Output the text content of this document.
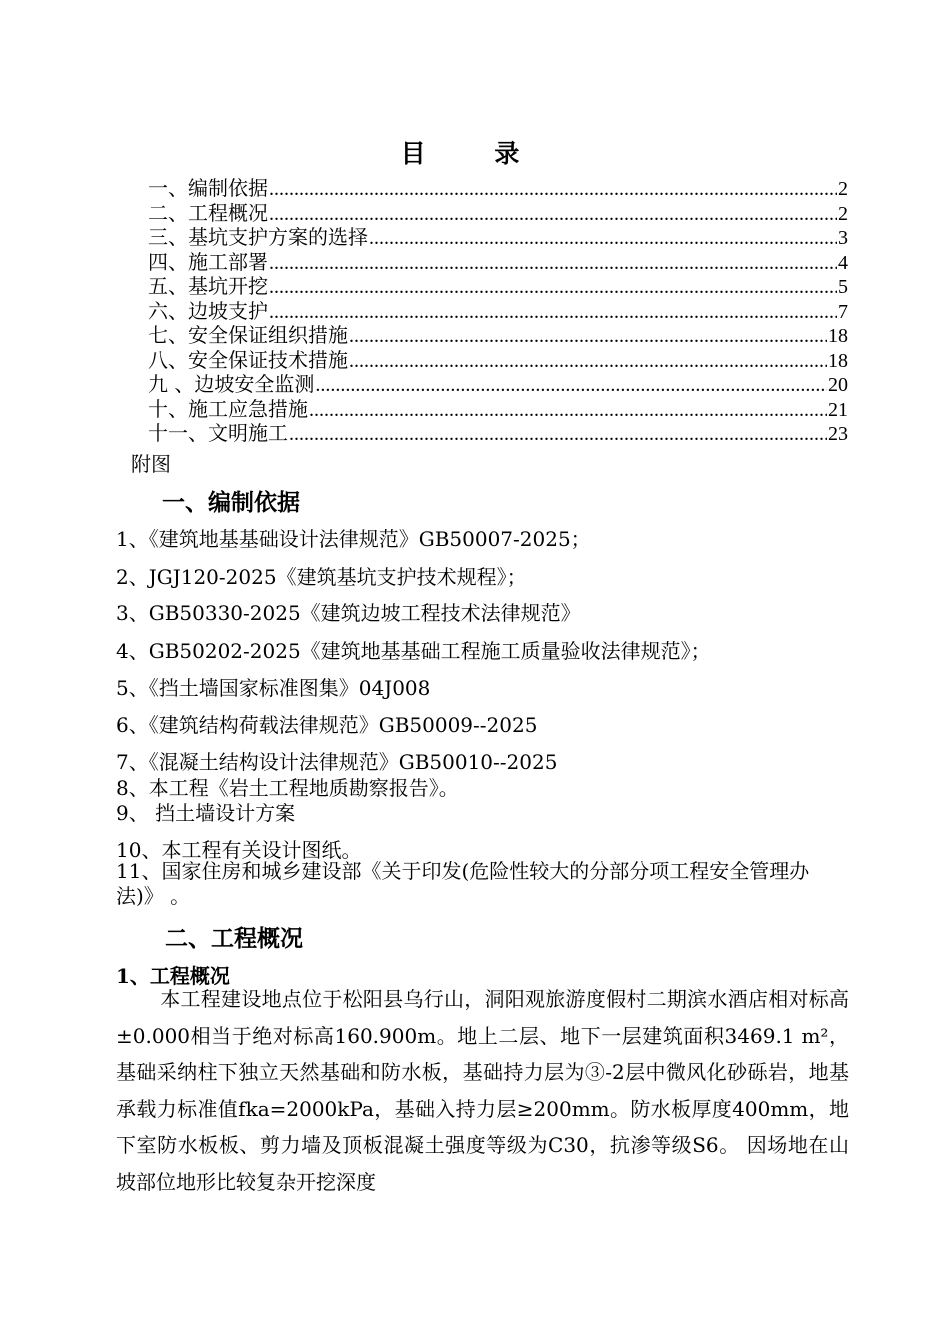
目 录
一、编制依据 .....	2
二、工程概况 .....	2
三、基坑支护方案的选择 .....	3
四、施工部署 .....	4
五、基坑开挖 .....	5
六、边坡支护 .....	7
七、安全保证组织措施 .....	18
八、安全保证技术措施 .....	18
九 、边坡安全监测 .....	20
十、施工应急措施 .....	21
十一、文明施工 .....	23
附图
一、编制依据
1、《建筑地基基础设计法律规范》GB50007-2025；
2、JGJ120-2025《建筑基坑支护技术规程》；
3、GB50330-2025《建筑边坡工程技术法律规范》
4、GB50202-2025《建筑地基基础工程施工质量验收法律规范》；
5、《挡土墙国家标准图集》04J008
6、《建筑结构荷载法律规范》GB50009--2025
7、《混凝土结构设计法律规范》GB50010--2025
8、本工程《岩土工程地质勘察报告》。
9、 挡土墙设计方案
10、本工程有关设计图纸。
11、国家住房和城乡建设部《关于印发(危险性较大的分部分项工程安全管理办法)》 。
二、工程概况
1、工程概况
本工程建设地点位于松阳县乌行山，洞阳观旅游度假村二期滨水酒店相对标高±0.000相当于绝对标高160.900m。地上二层、地下一层建筑面积3469.1 m²，基础采纳柱下独立天然基础和防水板，基础持力层为③-2层中微风化砂砾岩，地基承载力标准值fka=2000kPa，基础入持力层≥200mm。防水板厚度400mm，地下室防水板板、剪力墙及顶板混凝土强度等级为C30，抗渗等级S6。 因场地在山坡部位地形比较复杂开挖深度
